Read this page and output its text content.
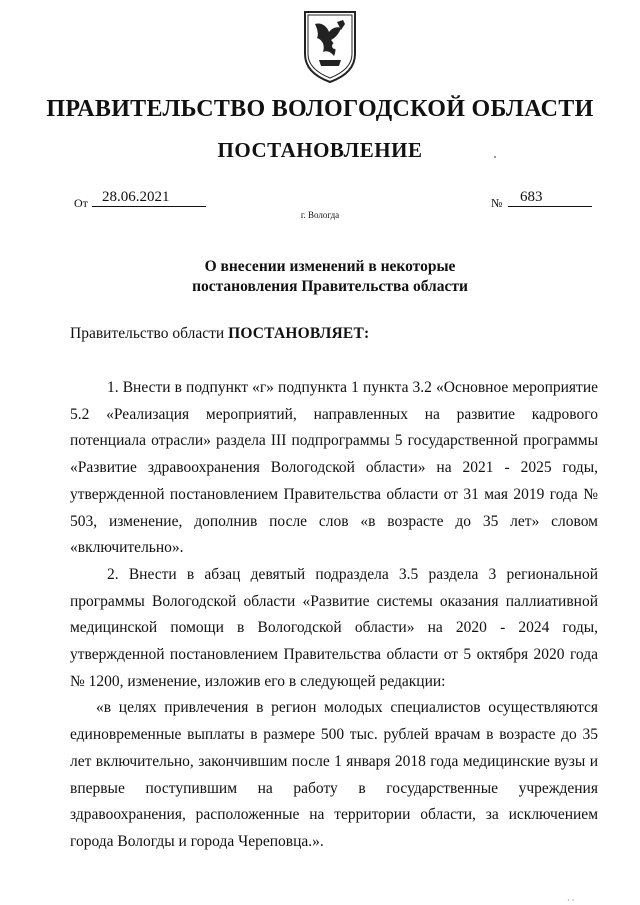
ПРАВИТЕЛЬСТВО ВОЛОГОДСКОЙ ОБЛАСТИ
ПОСТАНОВЛЕНИЕ
От 28.06.2021	№	683
г. Вологда
О внесении изменений в некоторые
постановления Правительства области
Правительство области ПОСТАНОВЛЯЕТ:

1. Внести в подпункт «г» подпункта 1 пункта 3.2 «Основное мероприятие 5.2 «Реализация мероприятий, направленных на развитие кадрового потенциала отрасли» раздела III подпрограммы 5 государственной программы «Развитие здравоохранения Вологодской области» на 2021 - 2025 годы, утвержденной постановлением Правительства области от 31 мая 2019 года № 503, изменение, дополнив после слов «в возрасте до 35 лет» словом «включительно».

2. Внести в абзац девятый подраздела 3.5 раздела 3 региональной программы Вологодской области «Развитие системы оказания паллиативной медицинской помощи в Вологодской области» на 2020 - 2024 годы, утвержденной постановлением Правительства области от 5 октября 2020 года № 1200, изменение, изложив его в следующей редакции:

«в целях привлечения в регион молодых специалистов осуществляются единовременные выплаты в размере 500 тыс. рублей врачам в возрасте до 35 лет включительно, закончившим после 1 января 2018 года медицинские вузы и впервые поступившим на работу в государственные учреждения здравоохранения, расположенные на территории области, за исключением города Вологды и города Череповца.».

· ·
